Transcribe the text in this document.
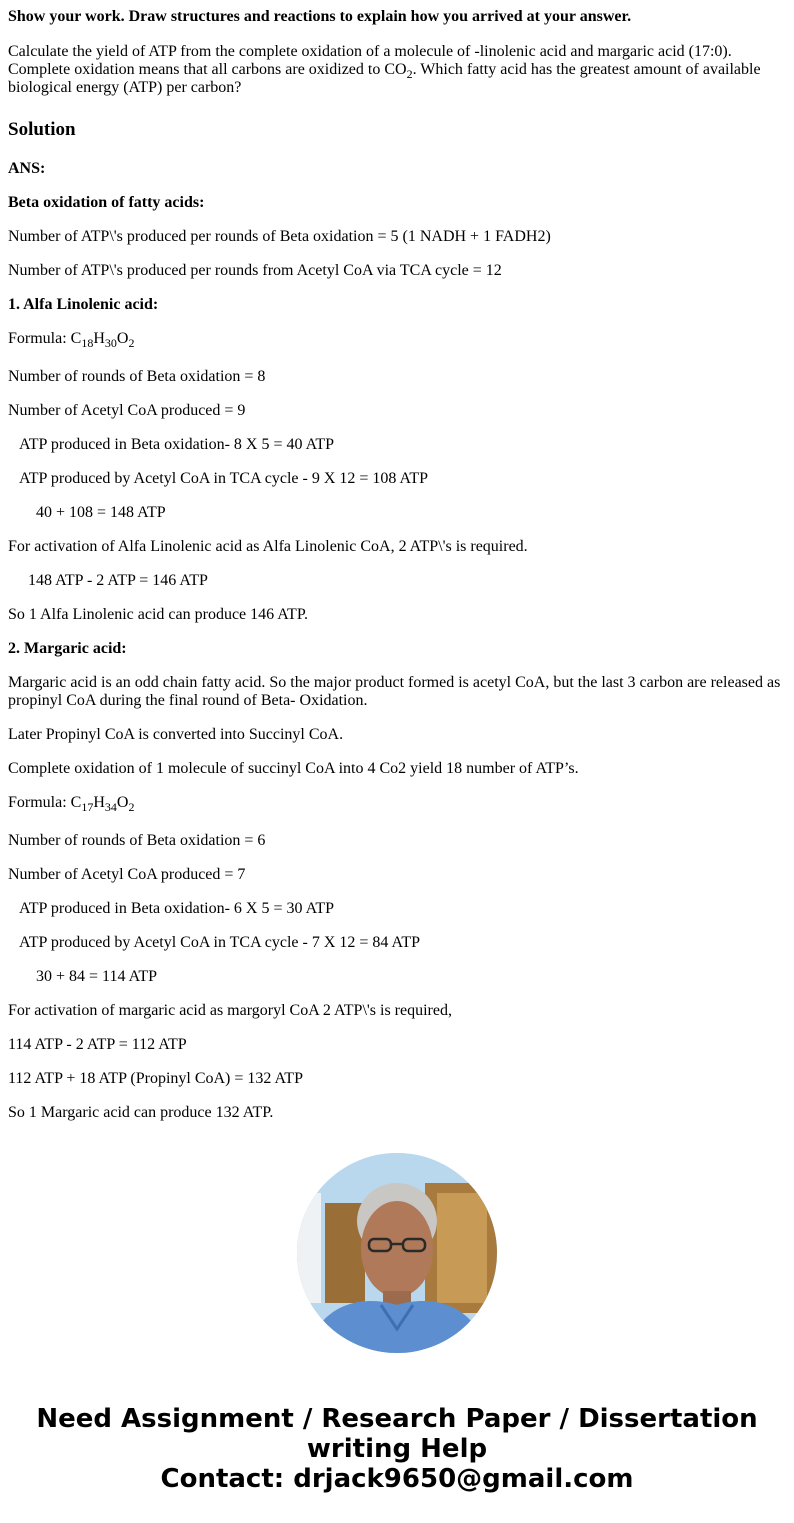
Show your work. Draw structures and reactions to explain how you arrived at your answer.
Calculate the yield of ATP from the complete oxidation of a molecule of -linolenic acid and margaric acid (17:0). Complete oxidation means that all carbons are oxidized to $CO_2$. Which fatty acid has the greatest amount of available biological energy (ATP) per carbon?
Solution
ANS:
Beta oxidation of fatty acids:
Number of ATP\'s produced per rounds of Beta oxidation = 5 (1 NADH + 1 FADH2)
Number of ATP\'s produced per rounds from Acetyl CoA via TCA cycle = 12
1. Alfa Linolenic acid:
Formula: $C_{18}H_{30}O_2$
Number of rounds of Beta oxidation = 8
Number of Acetyl CoA produced = 9
ATP produced in Beta oxidation- 8 X 5 = 40 ATP
ATP produced by Acetyl CoA in TCA cycle - 9 X 12 = 108 ATP
40 + 108 = 148 ATP
For activation of Alfa Linolenic acid as Alfa Linolenic CoA, 2 ATP\'s is required.
148 ATP - 2 ATP = 146 ATP
So 1 Alfa Linolenic acid can produce 146 ATP.
2. Margaric acid:
Margaric acid is an odd chain fatty acid. So the major product formed is acetyl CoA, but the last 3 carbon are released as propinyl CoA during the final round of Beta- Oxidation.
Later Propinyl CoA is converted into Succinyl CoA.
Complete oxidation of 1 molecule of succinyl CoA into 4 Co2 yield 18 number of ATP’s.
Formula: $C_{17}H_{34}O_2$
Number of rounds of Beta oxidation = 6
Number of Acetyl CoA produced = 7
ATP produced in Beta oxidation- 6 X 5 = 30 ATP
ATP produced by Acetyl CoA in TCA cycle - 7 X 12 = 84 ATP
30 + 84 = 114 ATP
For activation of margaric acid as margoryl CoA 2 ATP\'s is required,
114 ATP - 2 ATP = 112 ATP
112 ATP + 18 ATP (Propinyl CoA) = 132 ATP
So 1 Margaric acid can produce 132 ATP.
Need Assignment / Research Paper / Dissertation
writing Help
Contact: drjack9650@gmail.com
